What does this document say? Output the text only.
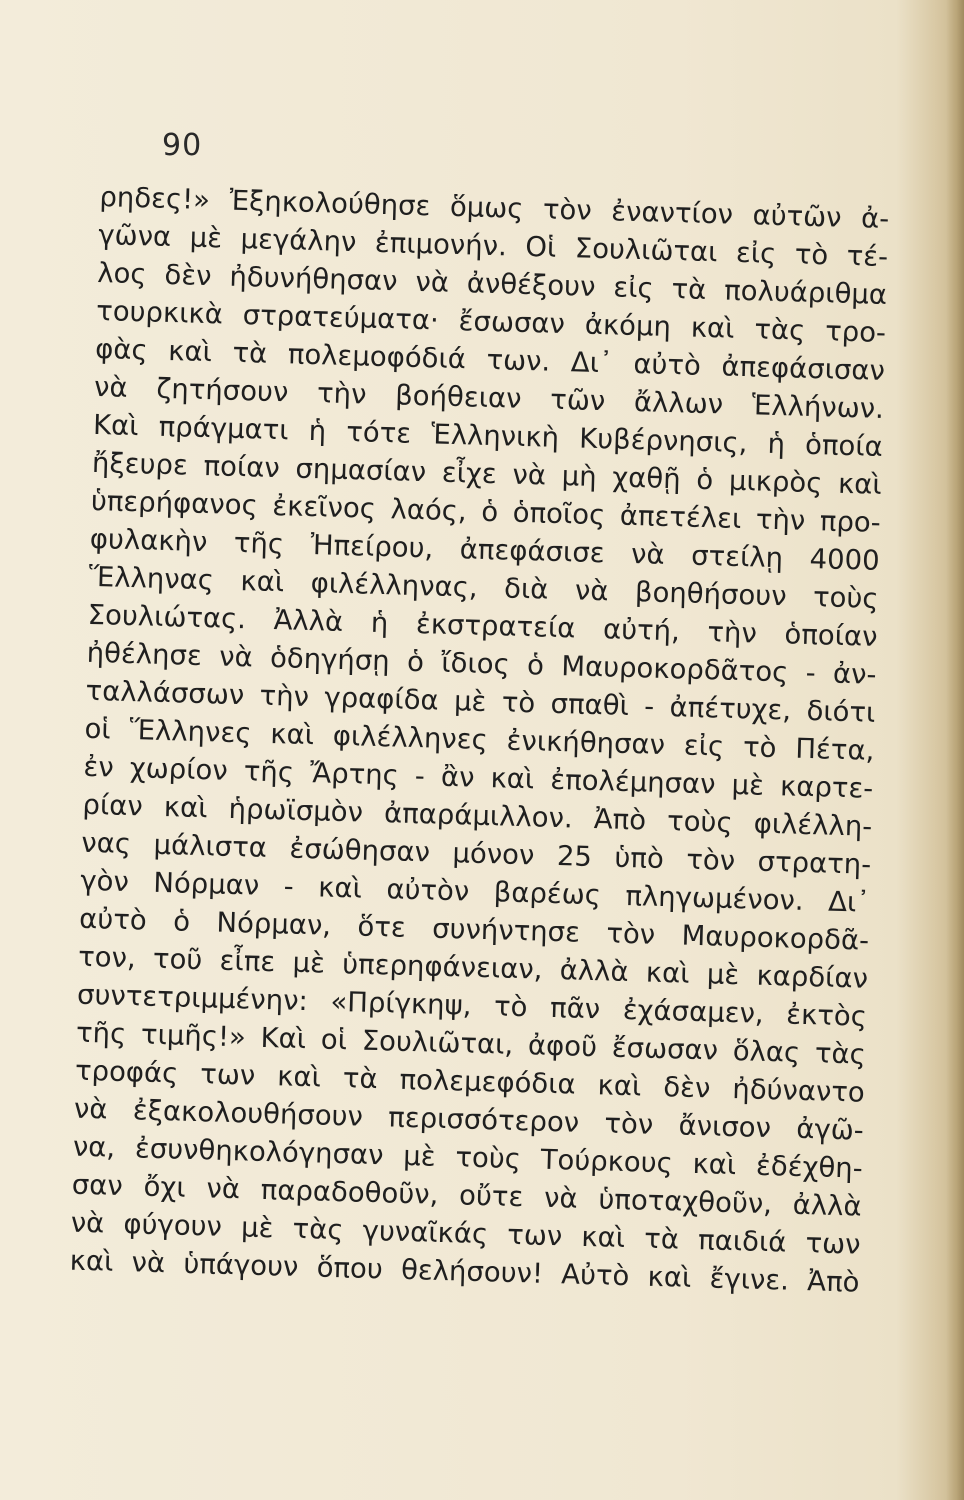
90
ρηδες!» Ἐξηκολούθησε ὅμως τὸν ἐναντίον αὐτῶν ἀ-
γῶνα μὲ μεγάλην ἐπιμονήν. Οἱ Σουλιῶται εἰς τὸ τέ-
λος δὲν ἠδυνήθησαν νὰ ἀνθέξουν εἰς τὰ πολυάριθμα
τουρκικὰ στρατεύματα· ἔσωσαν ἀκόμη καὶ τὰς τρο-
φὰς καὶ τὰ πολεμοφόδιά των. Δι᾽ αὐτὸ ἀπεφάσισαν
νὰ ζητήσουν τὴν βοήθειαν τῶν ἄλλων Ἑλλήνων.
Καὶ πράγματι ἡ τότε Ἑλληνικὴ Κυβέρνησις, ἡ ὁποία
ἤξευρε ποίαν σημασίαν εἶχε νὰ μὴ χαθῇ ὁ μικρὸς καὶ
ὑπερήφανος ἐκεῖνος λαός, ὁ ὁποῖος ἀπετέλει τὴν προ-
φυλακὴν τῆς Ἠπείρου, ἀπεφάσισε νὰ στείλῃ 4000
Ἕλληνας καὶ φιλέλληνας, διὰ νὰ βοηθήσουν τοὺς
Σουλιώτας. Ἀλλὰ ἡ ἐκστρατεία αὐτή, τὴν ὁποίαν
ἠθέλησε νὰ ὁδηγήσῃ ὁ ἴδιος ὁ Μαυροκορδᾶτος - ἀν-
ταλλάσσων τὴν γραφίδα μὲ τὸ σπαθὶ - ἀπέτυχε, διότι
οἱ Ἕλληνες καὶ φιλέλληνες ἐνικήθησαν εἰς τὸ Πέτα,
ἐν χωρίον τῆς Ἄρτης - ἂν καὶ ἐπολέμησαν μὲ καρτε-
ρίαν καὶ ἡρωϊσμὸν ἀπαράμιλλον. Ἀπὸ τοὺς φιλέλλη-
νας μάλιστα ἐσώθησαν μόνον 25 ὑπὸ τὸν στρατη-
γὸν Νόρμαν - καὶ αὐτὸν βαρέως πληγωμένον. Δι᾽
αὐτὸ ὁ Νόρμαν, ὅτε συνήντησε τὸν Μαυροκορδᾶ-
τον, τοῦ εἶπε μὲ ὑπερηφάνειαν, ἀλλὰ καὶ μὲ καρδίαν
συντετριμμένην: «Πρίγκηψ, τὸ πᾶν ἐχάσαμεν, ἐκτὸς
τῆς τιμῆς!» Καὶ οἱ Σουλιῶται, ἀφοῦ ἔσωσαν ὅλας τὰς
τροφάς των καὶ τὰ πολεμεφόδια καὶ δὲν ἠδύναντο
νὰ ἐξακολουθήσουν περισσότερον τὸν ἄνισον ἀγῶ-
να, ἐσυνθηκολόγησαν μὲ τοὺς Τούρκους καὶ ἐδέχθη-
σαν ὄχι νὰ παραδοθοῦν, οὔτε νὰ ὑποταχθοῦν, ἀλλὰ
νὰ φύγουν μὲ τὰς γυναῖκάς των καὶ τὰ παιδιά των
καὶ νὰ ὑπάγουν ὅπου θελήσουν! Αὐτὸ καὶ ἔγινε. Ἀπὸ
